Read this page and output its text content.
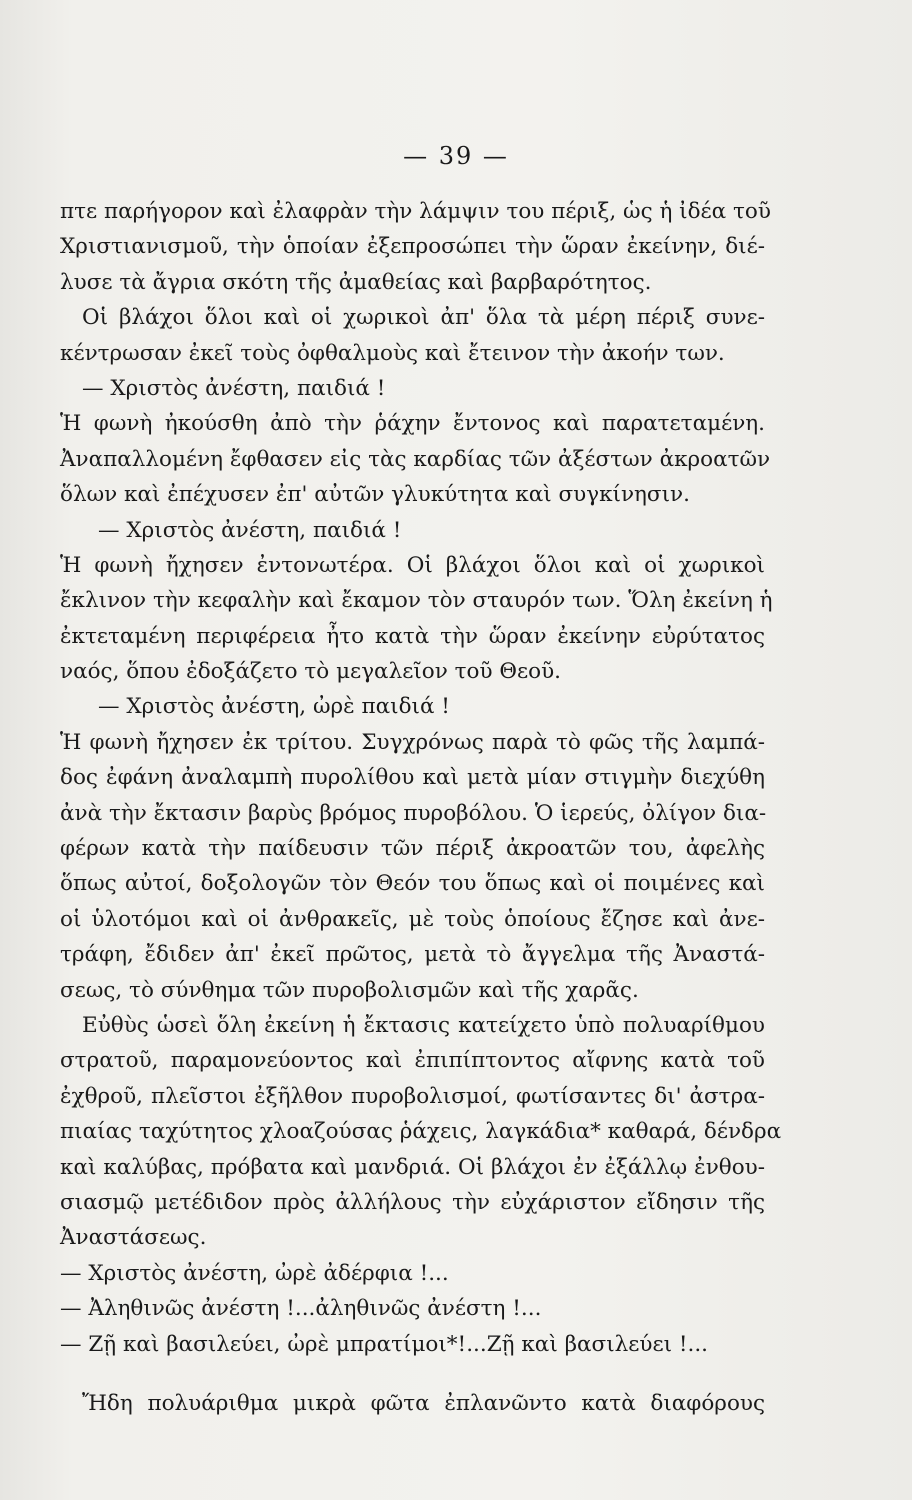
— 39 —
πτε παρήγορον καὶ ἐλαφρὰν τὴν λάμψιν του πέριξ, ὡς ἡ ἰδέα τοῦ
Χριστιανισμοῦ, τὴν ὁποίαν ἐξεπροσώπει τὴν ὥραν ἐκείνην, διέ-
λυσε τὰ ἄγρια σκότη τῆς ἀμαθείας καὶ βαρβαρότητος.
Οἱ βλάχοι ὅλοι καὶ οἱ χωρικοὶ ἀπ' ὅλα τὰ μέρη πέριξ συνε-
κέντρωσαν ἐκεῖ τοὺς ὀφθαλμοὺς καὶ ἔτεινον τὴν ἀκοήν των.
— Χριστὸς ἀνέστη, παιδιά !
Ἡ φωνὴ ἠκούσθη ἀπὸ τὴν ῥάχην ἔντονος καὶ παρατεταμένη.
Ἀναπαλλομένη ἔφθασεν εἰς τὰς καρδίας τῶν ἀξέστων ἀκροατῶν
ὅλων καὶ ἐπέχυσεν ἐπ' αὐτῶν γλυκύτητα καὶ συγκίνησιν.
— Χριστὸς ἀνέστη, παιδιά !
Ἡ φωνὴ ἤχησεν ἐντονωτέρα. Οἱ βλάχοι ὅλοι καὶ οἱ χωρικοὶ
ἔκλινον τὴν κεφαλὴν καὶ ἔκαμον τὸν σταυρόν των. Ὅλη ἐκείνη ἡ
ἐκτεταμένη περιφέρεια ἦτο κατὰ τὴν ὥραν ἐκείνην εὐρύτατος
ναός, ὅπου ἐδοξάζετο τὸ μεγαλεῖον τοῦ Θεοῦ.
— Χριστὸς ἀνέστη, ὠρὲ παιδιά !
Ἡ φωνὴ ἤχησεν ἐκ τρίτου. Συγχρόνως παρὰ τὸ φῶς τῆς λαμπά-
δος ἐφάνη ἀναλαμπὴ πυρολίθου καὶ μετὰ μίαν στιγμὴν διεχύθη
ἀνὰ τὴν ἔκτασιν βαρὺς βρόμος πυροβόλου. Ὁ ἱερεύς, ὀλίγον δια-
φέρων κατὰ τὴν παίδευσιν τῶν πέριξ ἀκροατῶν του, ἀφελὴς
ὅπως αὐτοί, δοξολογῶν τὸν Θεόν του ὅπως καὶ οἱ ποιμένες καὶ
οἱ ὑλοτόμοι καὶ οἱ ἀνθρακεῖς, μὲ τοὺς ὁποίους ἔζησε καὶ ἀνε-
τράφη, ἔδιδεν ἀπ' ἐκεῖ πρῶτος, μετὰ τὸ ἄγγελμα τῆς Ἀναστά-
σεως, τὸ σύνθημα τῶν πυροβολισμῶν καὶ τῆς χαρᾶς.
Εὐθὺς ὡσεὶ ὅλη ἐκείνη ἡ ἔκτασις κατείχετο ὑπὸ πολυαρίθμου
στρατοῦ, παραμονεύοντος καὶ ἐπιπίπτοντος αἴφνης κατὰ τοῦ
ἐχθροῦ, πλεῖστοι ἐξῆλθον πυροβολισμοί, φωτίσαντες δι' ἀστρα-
πιαίας ταχύτητος χλοαζούσας ῥάχεις, λαγκάδια* καθαρά, δένδρα
καὶ καλύβας, πρόβατα καὶ μανδριά. Οἱ βλάχοι ἐν ἐξάλλῳ ἐνθου-
σιασμῷ μετέδιδον πρὸς ἀλλήλους τὴν εὐχάριστον εἴδησιν τῆς
Ἀναστάσεως.
— Χριστὸς ἀνέστη, ὠρὲ ἀδέρφια !...
— Ἀληθινῶς ἀνέστη !...ἀληθινῶς ἀνέστη !...
— Ζῇ καὶ βασιλεύει, ὠρὲ μπρατίμοι*!...Ζῇ καὶ βασιλεύει !...
Ἤδη πολυάριθμα μικρὰ φῶτα ἐπλανῶντο κατὰ διαφόρους
